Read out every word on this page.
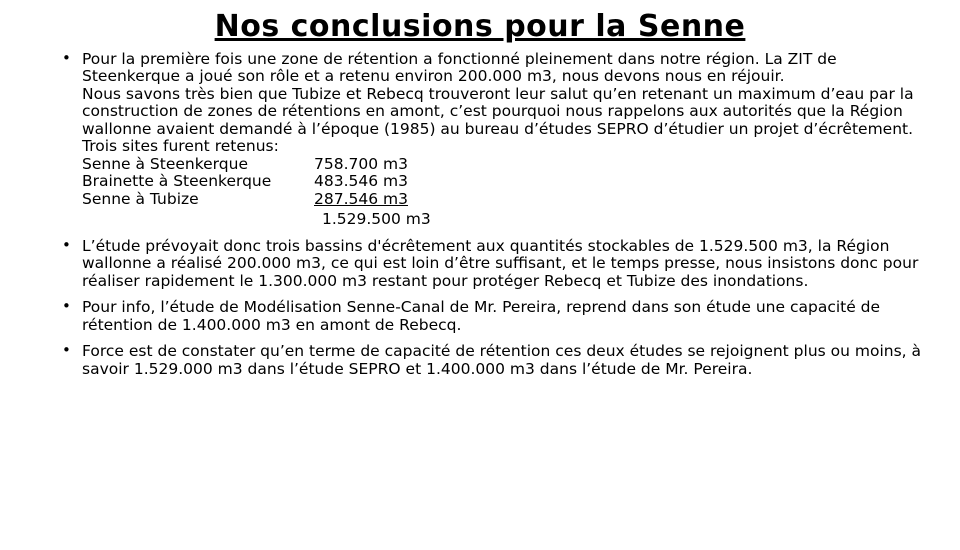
Nos conclusions pour la Senne
• Pour la première fois une zone de rétention a fonctionné pleinement dans notre région. La ZIT de Steenkerque a joué son rôle et a retenu environ 200.000 m3, nous devons nous en réjouir.
Nous savons très bien que Tubize et Rebecq trouveront leur salut qu’en retenant un maximum d’eau par la construction de zones de rétentions en amont, c’est pourquoi nous rappelons aux autorités que la Région wallonne avaient demandé à l’époque (1985) au bureau d’études SEPRO d’étudier un projet d’écrêtement.
Trois sites furent retenus:
Senne à Steenkerque	758.700 m3
Brainette à Steenkerque	483.546 m3
Senne à Tubize	287.546 m3
1.529.500 m3
• L’étude prévoyait donc trois bassins d'écrêtement aux quantités stockables de 1.529.500 m3, la Région wallonne a réalisé 200.000 m3, ce qui est loin d’être suffisant, et le temps presse, nous insistons donc pour réaliser rapidement le 1.300.000 m3 restant pour protéger Rebecq et Tubize des inondations.
• Pour info, l’étude de Modélisation Senne-Canal de Mr. Pereira, reprend dans son étude une capacité de rétention de 1.400.000 m3 en amont de Rebecq.
• Force est de constater qu’en terme de capacité de rétention ces deux études se rejoignent plus ou moins, à savoir 1.529.000 m3 dans l’étude SEPRO et 1.400.000 m3 dans l’étude de Mr. Pereira.
